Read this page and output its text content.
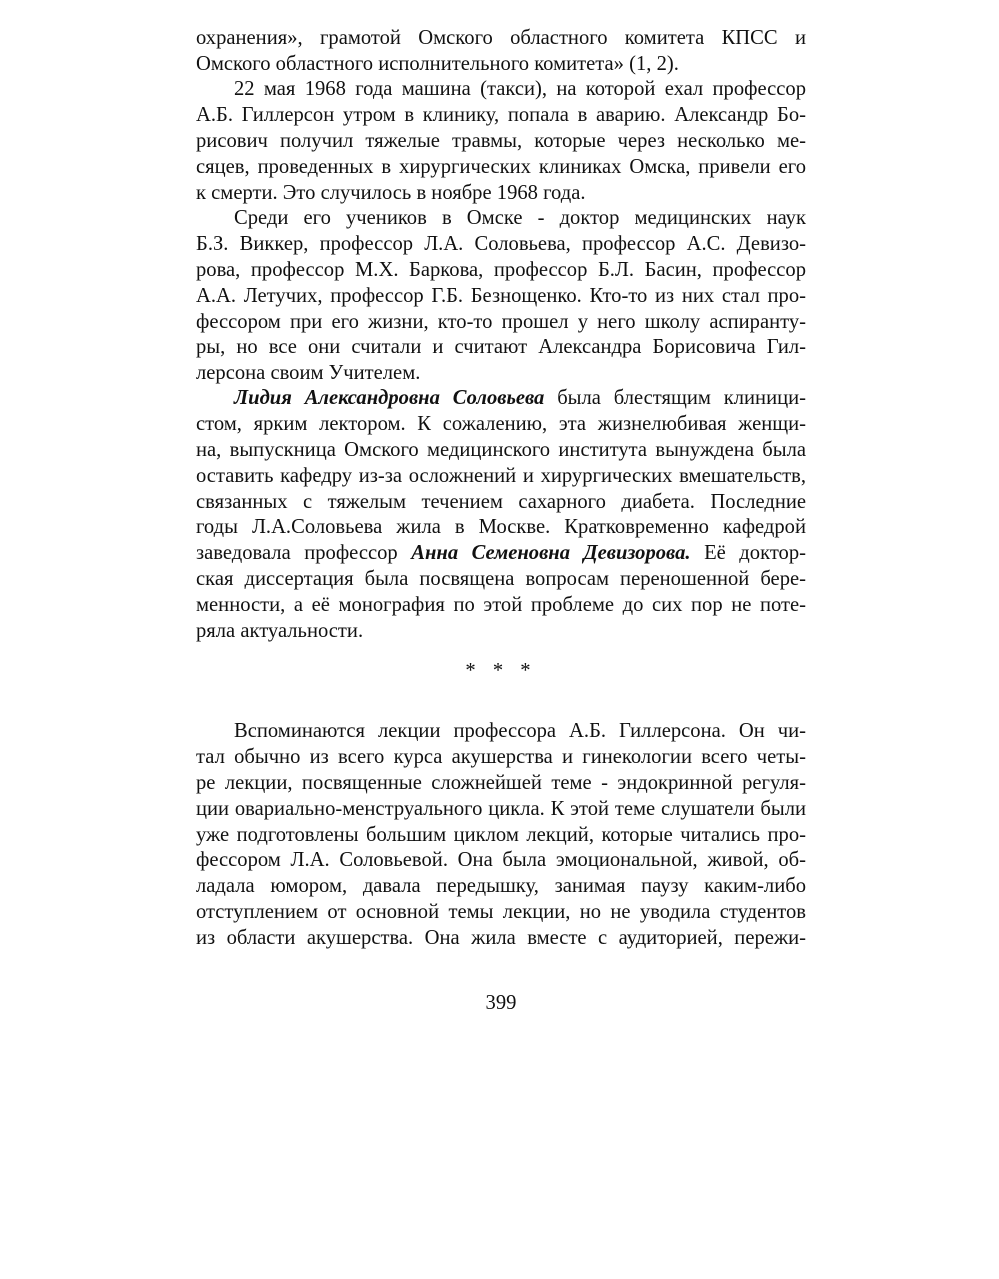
охранения», грамотой Омского областного комитета КПСС и
Омского областного исполнительного комитета» (1, 2).
22 мая 1968 года машина (такси), на которой ехал профессор
А.Б. Гиллерсон утром в клинику, попала в аварию. Александр Бо-
рисович получил тяжелые травмы, которые через несколько ме-
сяцев, проведенных в хирургических клиниках Омска, привели его
к смерти. Это случилось в ноябре 1968 года.
Среди его учеников в Омске - доктор медицинских наук
Б.З. Виккер, профессор Л.А. Соловьева, профессор А.С. Девизо-
рова, профессор М.Х. Баркова, профессор Б.Л. Басин, профессор
А.А. Летучих, профессор Г.Б. Безнощенко. Кто-то из них стал про-
фессором при его жизни, кто-то прошел у него школу аспиранту-
ры, но все они считали и считают Александра Борисовича Гил-
лерсона своим Учителем.
Лидия Александровна Соловьева была блестящим клиници-
стом, ярким лектором. К сожалению, эта жизнелюбивая женщи-
на, выпускница Омского медицинского института вынуждена была
оставить кафедру из-за осложнений и хирургических вмешательств,
связанных с тяжелым течением сахарного диабета. Последние
годы Л.А.Соловьева жила в Москве. Кратковременно кафедрой
заведовала профессор Анна Семеновна Девизорова. Её доктор-
ская диссертация была посвящена вопросам переношенной бере-
менности, а её монография по этой проблеме до сих пор не поте-
ряла актуальности.
* * *
Вспоминаются лекции профессора А.Б. Гиллерсона. Он чи-
тал обычно из всего курса акушерства и гинекологии всего четы-
ре лекции, посвященные сложнейшей теме - эндокринной регуля-
ции овариально-менструального цикла. К этой теме слушатели были
уже подготовлены большим циклом лекций, которые читались про-
фессором Л.А. Соловьевой. Она была эмоциональной, живой, об-
ладала юмором, давала передышку, занимая паузу каким-либо
отступлением от основной темы лекции, но не уводила студентов
из области акушерства. Она жила вместе с аудиторией, пережи-
399
